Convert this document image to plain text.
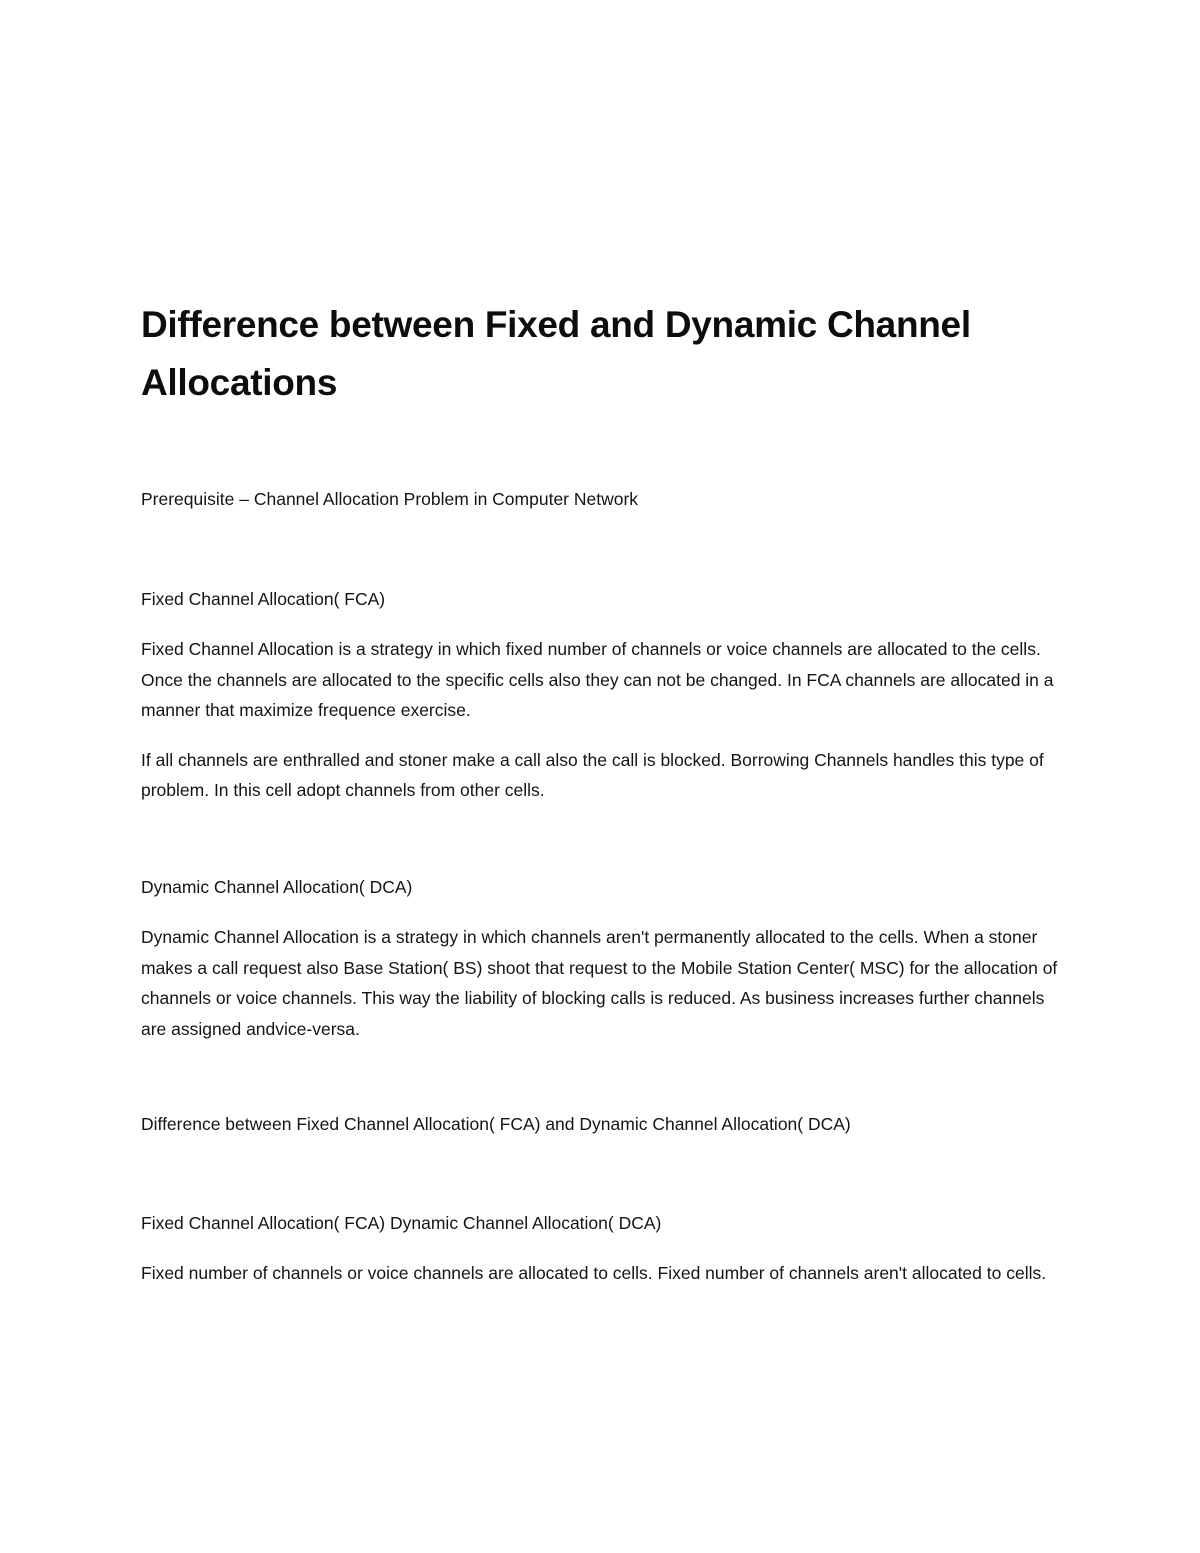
Difference between Fixed and Dynamic Channel Allocations

Prerequisite – Channel Allocation Problem in Computer Network

Fixed Channel Allocation( FCA)

Fixed Channel Allocation is a strategy in which fixed number of channels or voice channels are allocated to the cells. Once the channels are allocated to the specific cells also they can not be changed. In FCA channels are allocated in a manner that maximize frequence exercise.

If all channels are enthralled and stoner make a call also the call is blocked. Borrowing Channels handles this type of problem. In this cell adopt channels from other cells.

Dynamic Channel Allocation( DCA)

Dynamic Channel Allocation is a strategy in which channels aren't permanently allocated to the cells. When a stoner makes a call request also Base Station( BS) shoot that request to the Mobile Station Center( MSC) for the allocation of channels or voice channels. This way the liability of blocking calls is reduced. As business increases further channels are assigned andvice-versa.

Difference between Fixed Channel Allocation( FCA) and Dynamic Channel Allocation( DCA)

Fixed Channel Allocation( FCA) Dynamic Channel Allocation( DCA)

Fixed number of channels or voice channels are allocated to cells. Fixed number of channels aren't allocated to cells.
